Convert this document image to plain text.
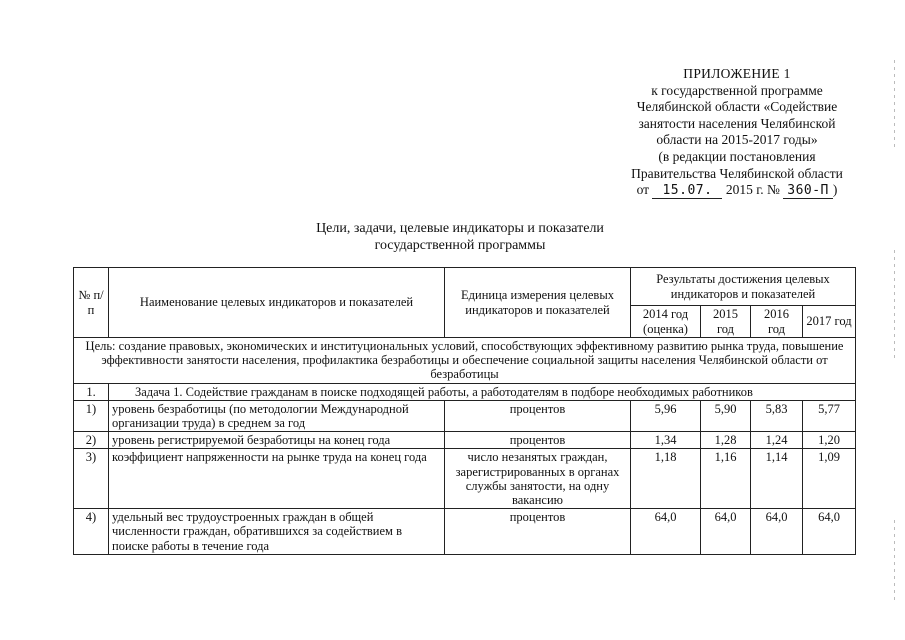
ПРИЛОЖЕНИЕ 1
к государственной программе
Челябинской области «Содействие
занятости населения Челябинской
области на 2015-2017 годы»
(в редакции постановления
Правительства Челябинской области
от 15.07. 2015 г. № 360-П )
Цели, задачи, целевые индикаторы и показатели
государственной программы
№ п/п	Наименование целевых индикаторов и показателей	Единица измерения целевых индикаторов и показателей	Результаты достижения целевых индикаторов и показателей			
			2014 год (оценка)	2015 год	2016 год	2017 год
Цель: создание правовых, экономических и институциональных условий, способствующих эффективному развитию рынка труда, повышение эффективности занятости населения, профилактика безработицы и обеспечение социальной защиты населения Челябинской области от безработицы						
1.	Задача 1. Содействие гражданам в поиске подходящей работы, а работодателям в подборе необходимых работников					
1)	уровень безработицы (по методологии Международной организации труда) в среднем за год	процентов	5,96	5,90	5,83	5,77
2)	уровень регистрируемой безработицы на конец года	процентов	1,34	1,28	1,24	1,20
3)	коэффициент напряженности на рынке труда на конец года	число незанятых граждан, зарегистрированных в органах службы занятости, на одну вакансию	1,18	1,16	1,14	1,09
4)	удельный вес трудоустроенных граждан в общей численности граждан, обратившихся за содействием в поиске работы в течение года	процентов	64,0	64,0	64,0	64,0
